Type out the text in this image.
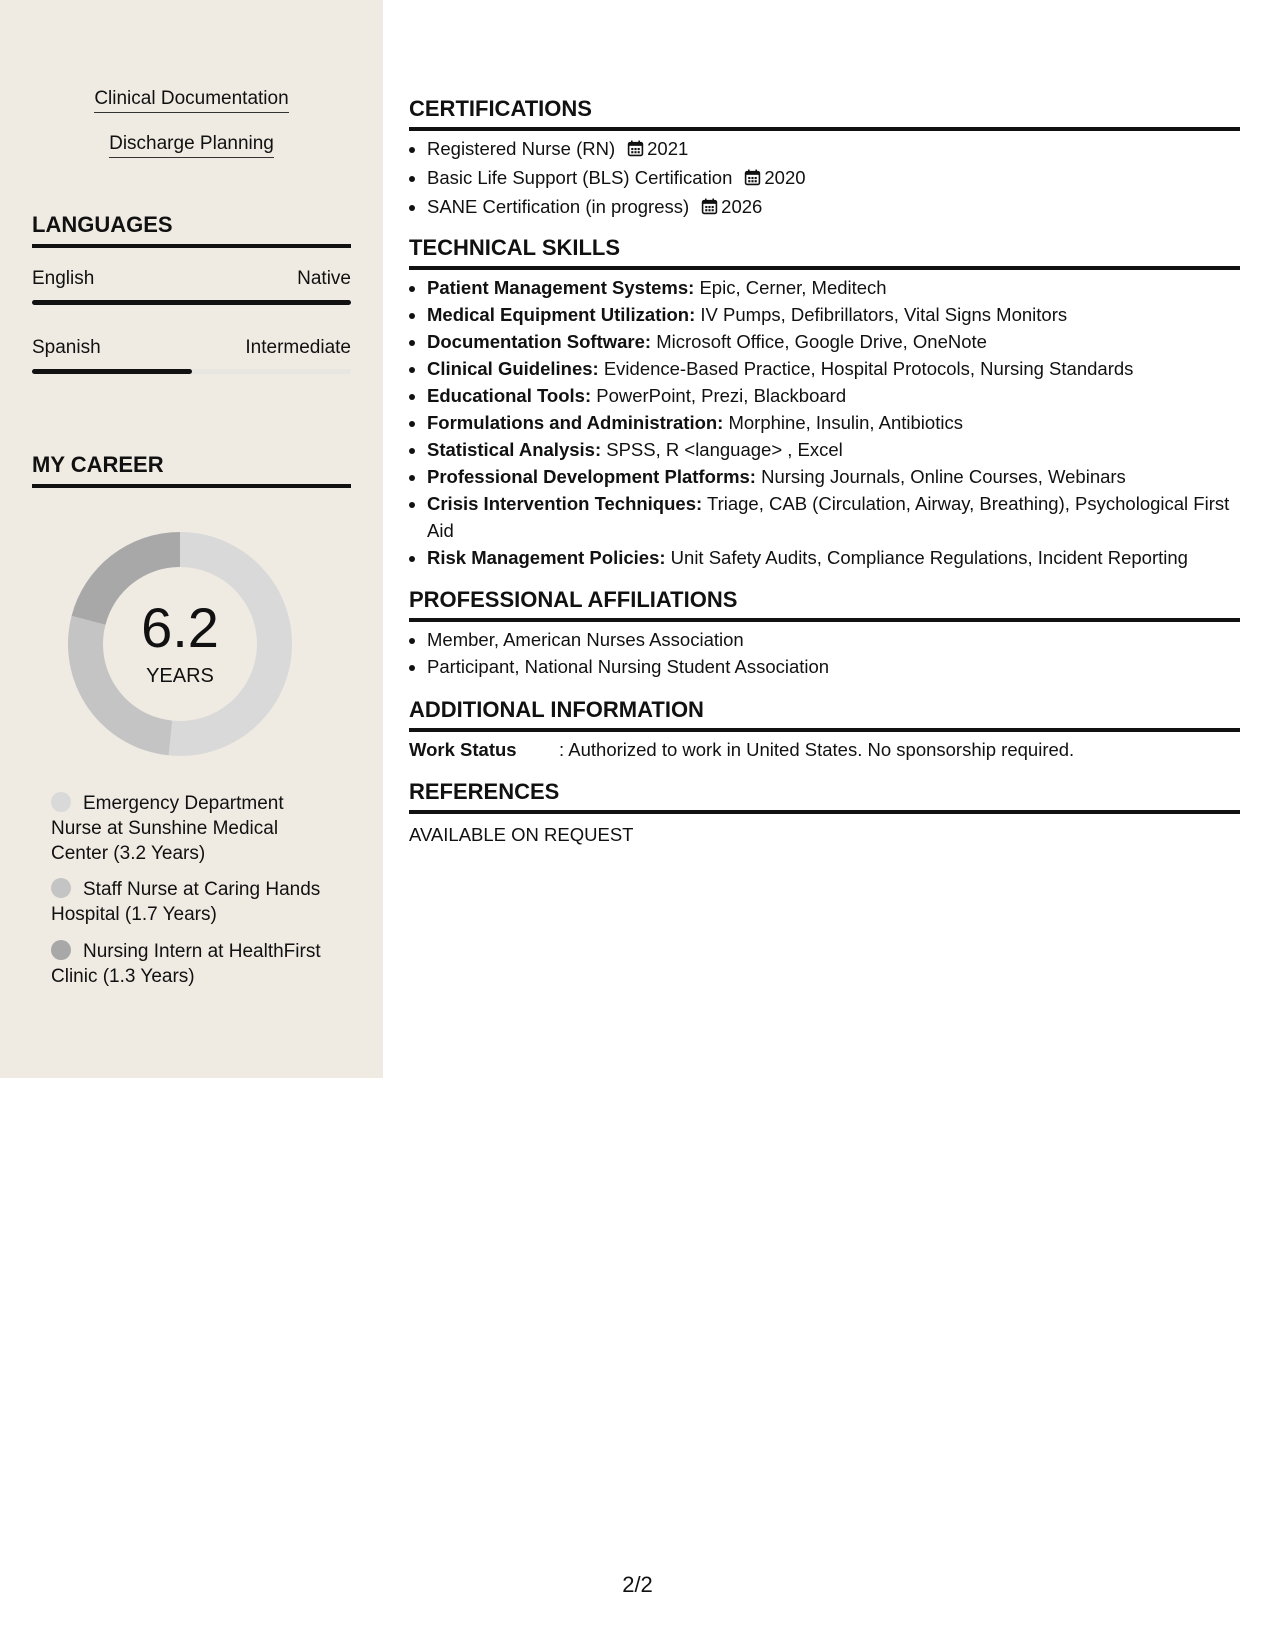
Clinical Documentation
Discharge Planning
LANGUAGES
English	Native
Spanish	Intermediate
MY CAREER
6.2
YEARS
Emergency Department Nurse at Sunshine Medical Center (3.2 Years)
Staff Nurse at Caring Hands Hospital (1.7 Years)
Nursing Intern at HealthFirst Clinic (1.3 Years)
CERTIFICATIONS
• Registered Nurse (RN) 2021
• Basic Life Support (BLS) Certification 2020
• SANE Certification (in progress) 2026
TECHNICAL SKILLS
• Patient Management Systems: Epic, Cerner, Meditech
• Medical Equipment Utilization: IV Pumps, Defibrillators, Vital Signs Monitors
• Documentation Software: Microsoft Office, Google Drive, OneNote
• Clinical Guidelines: Evidence-Based Practice, Hospital Protocols, Nursing Standards
• Educational Tools: PowerPoint, Prezi, Blackboard
• Formulations and Administration: Morphine, Insulin, Antibiotics
• Statistical Analysis: SPSS, R <language> , Excel
• Professional Development Platforms: Nursing Journals, Online Courses, Webinars
• Crisis Intervention Techniques: Triage, CAB (Circulation, Airway, Breathing), Psychological First Aid
• Risk Management Policies: Unit Safety Audits, Compliance Regulations, Incident Reporting
PROFESSIONAL AFFILIATIONS
• Member, American Nurses Association
• Participant, National Nursing Student Association
ADDITIONAL INFORMATION
Work Status : Authorized to work in United States. No sponsorship required.
REFERENCES
AVAILABLE ON REQUEST
2/2
